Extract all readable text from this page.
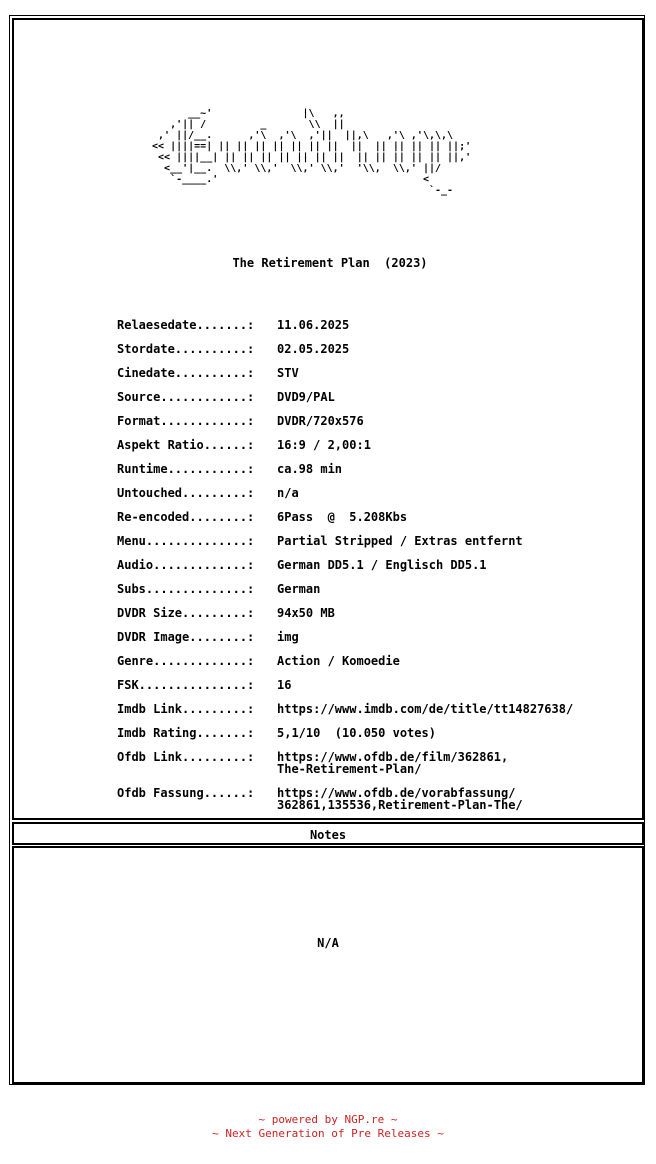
__~'               |\   ,,
,'|| /         _       \\  ||
,' ||/__.      ,'\  ,'\  ,'||  ||,\   ,'\ ,'\,\,\
<< ||||==| || || || || || || ||  ||  || || || || ||;'
<< ||||__| || || || || || || ||  || || || || || ||,'
<__'|__.  \\,' \\,'  \\,' \\,'  '\\,  \\,' ||/
`-____.'                                  <
`-_-
The Retirement Plan  (2023)
Relaesedate.......:	11.06.2025
Stordate..........:	02.05.2025
Cinedate..........:	STV
Source............:	DVD9/PAL
Format............:	DVDR/720x576
Aspekt Ratio......:	16:9 / 2,00:1
Runtime...........:	ca.98 min
Untouched.........:	n/a
Re-encoded........:	6Pass  @  5.208Kbs
Menu..............:	Partial Stripped / Extras entfernt
Audio.............:	German DD5.1 / Englisch DD5.1
Subs..............:	German
DVDR Size.........:	94x50 MB
DVDR Image........:	img
Genre.............:	Action / Komoedie
FSK...............:	16
Imdb Link.........:	https://www.imdb.com/de/title/tt14827638/
Imdb Rating.......:	5,1/10  (10.050 votes)
Ofdb Link.........:	https://www.ofdb.de/film/362861,
The-Retirement-Plan/
Ofdb Fassung......:	https://www.ofdb.de/vorabfassung/
362861,135536,Retirement-Plan-The/
Notes
N/A
~ powered by NGP.re ~
~ Next Generation of Pre Releases ~
